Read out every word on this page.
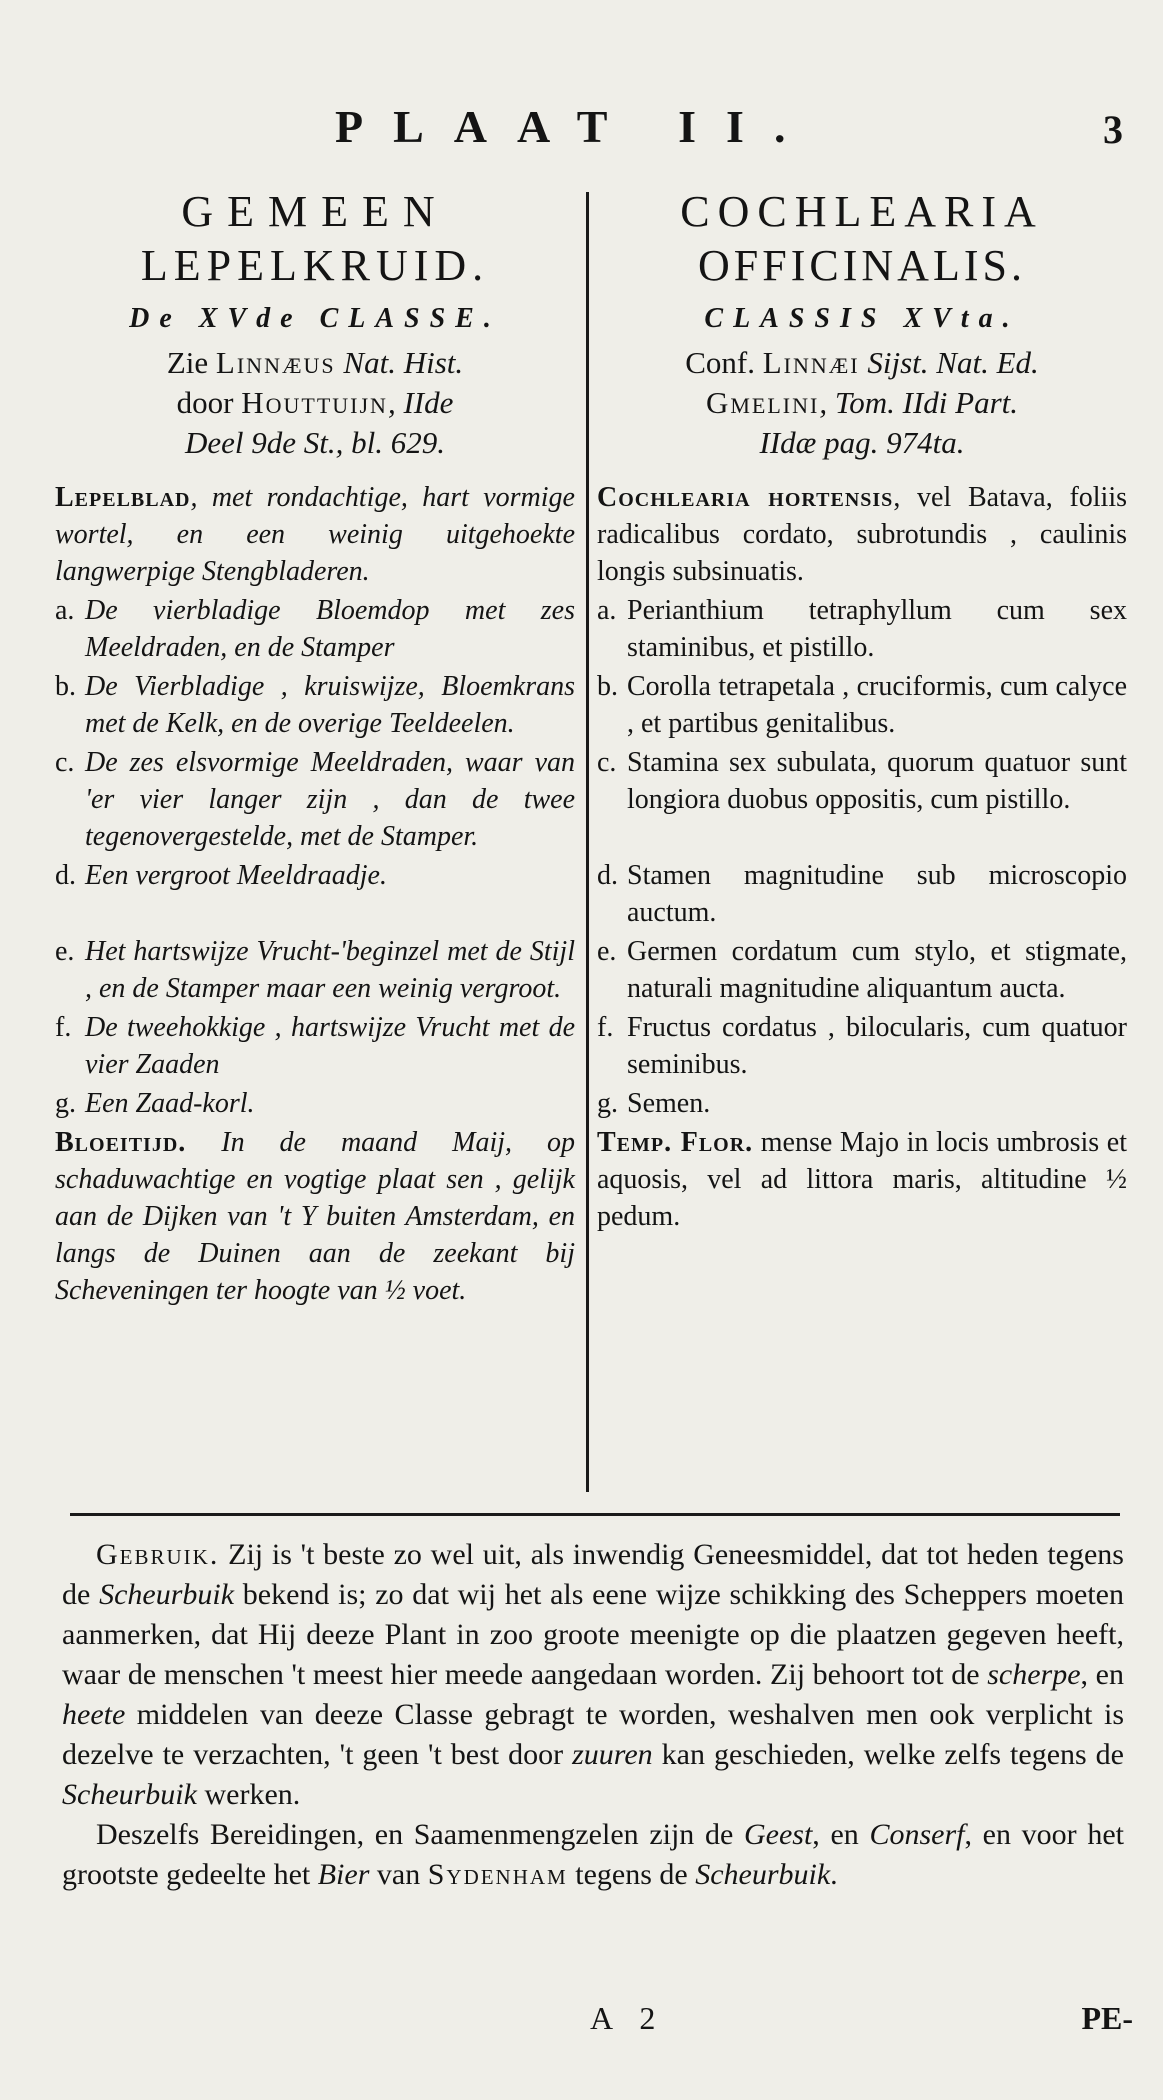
PLAAT II.	3
GEMEEN
LEPELKRUID.
De XVde CLASSE.
Zie Linnæus Nat. Hist.
door Houttuijn, IIde
Deel 9de St., bl. 629.
Lepelblad, met rondachtige, hart vormige wortel, en een weinig uitgehoekte langwerpige Stengbladeren.
a. De vierbladige Bloemdop met zes Meeldraden, en de Stamper
b. De Vierbladige , kruiswijze, Bloemkrans met de Kelk, en de overige Teeldeelen.
c. De zes elsvormige Meeldraden, waar van 'er vier langer zijn , dan de twee tegenovergestelde, met de Stamper.
d. Een vergroot Meeldraadje.
e. Het hartswijze Vrucht-'beginzel met de Stijl , en de Stamper maar een weinig vergroot.
f. De tweehokkige , hartswijze Vrucht met de vier Zaaden
g. Een Zaad-korl.
Bloeitijd. In de maand Maij, op schaduwachtige en vogtige plaat sen , gelijk aan de Dijken van 't Y buiten Amsterdam, en langs de Duinen aan de zeekant bij Scheveningen ter hoogte van ½ voet.
COCHLEARIA
OFFICINALIS.
CLASSIS XVta.
Conf. Linnæi Sijst. Nat. Ed.
Gmelini, Tom. IIdi Part.
IIdæ pag. 974ta.
Cochlearia hortensis, vel Batava, foliis radicalibus cordato, subrotundis , caulinis longis subsinuatis.
a. Perianthium tetraphyllum cum sex staminibus, et pistillo.
b. Corolla tetrapetala , cruciformis, cum calyce , et partibus genitalibus.
c. Stamina sex subulata, quorum quatuor sunt longiora duobus oppositis, cum pistillo.
d. Stamen magnitudine sub microscopio auctum.
e. Germen cordatum cum stylo, et stigmate, naturali magnitudine aliquantum aucta.
f. Fructus cordatus , bilocularis, cum quatuor seminibus.
g. Semen.
Temp. Flor. mense Majo in locis umbrosis et aquosis, vel ad littora maris, altitudine ½ pedum.

Gebruik. Zij is 't beste zo wel uit, als inwendig Geneesmiddel, dat tot heden tegens de Scheurbuik bekend is; zo dat wij het als eene wijze schikking des Scheppers moeten aanmerken, dat Hij deeze Plant in zoo groote meenigte op die plaatzen gegeven heeft, waar de menschen 't meest hier meede aangedaan worden. Zij behoort tot de scherpe, en heete middelen van deeze Classe gebragt te worden, weshalven men ook verplicht is dezelve te verzachten, 't geen 't best door zuuren kan geschieden, welke zelfs tegens de Scheurbuik werken.

Deszelfs Bereidingen, en Saamenmengzelen zijn de Geest, en Conserf, en voor het grootste gedeelte het Bier van Sydenham tegens de Scheurbuik.

A 2	PE-
